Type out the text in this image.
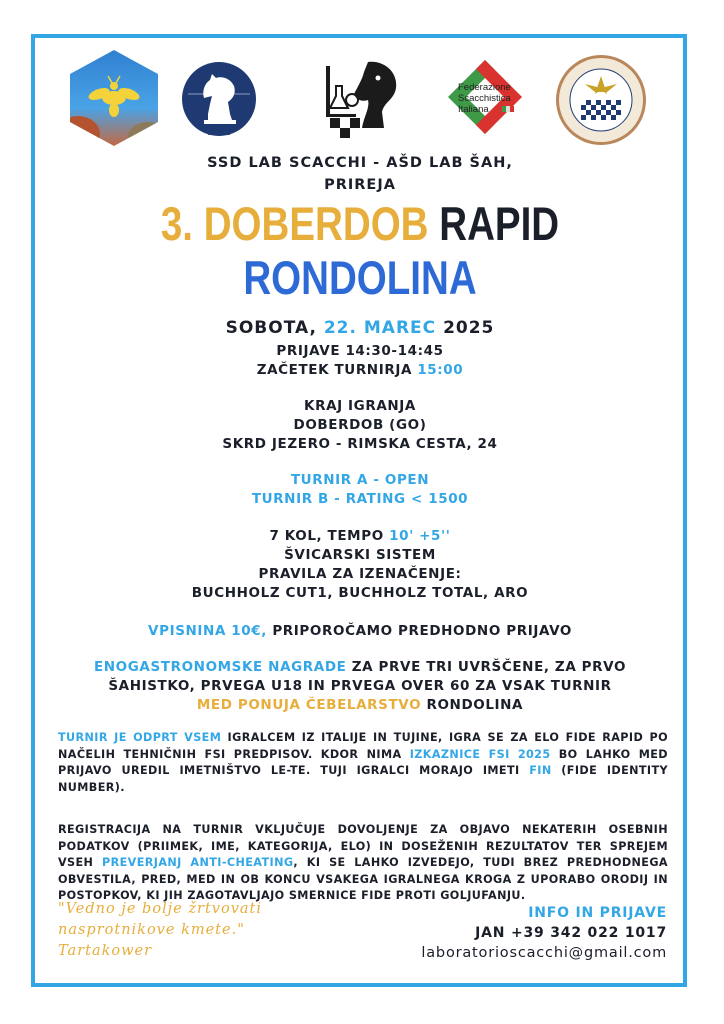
FIDE
Federazione Scacchistica Italiana
SSD LAB SCACCHI - AŠD LAB ŠAH,
PRIREJA
3. DOBERDOB RAPID
RONDOLINA
SOBOTA, 22. MAREC 2025
PRIJAVE 14:30-14:45
ZAČETEK TURNIRJA 15:00
KRAJ IGRANJA
DOBERDOB (GO)
SKRD JEZERO - RIMSKA CESTA, 24
TURNIR A - OPEN
TURNIR B - RATING < 1500
7 KOL, TEMPO 10' +5''
ŠVICARSKI SISTEM
PRAVILA ZA IZENAČENJE:
BUCHHOLZ CUT1, BUCHHOLZ TOTAL, ARO
VPISNINA 10€, PRIPOROČAMO PREDHODNO PRIJAVO
ENOGASTRONOMSKE NAGRADE ZA PRVE TRI UVRŠČENE, ZA PRVO
ŠAHISTKO, PRVEGA U18 IN PRVEGA OVER 60 ZA VSAK TURNIR
MED PONUJA ČEBELARSTVO RONDOLINA
TURNIR JE ODPRT VSEM IGRALCEM IZ ITALIJE IN TUJINE, IGRA SE ZA ELO FIDE RAPID PO NAČELIH TEHNIČNIH FSI PREDPISOV. KDOR NIMA IZKAZNICE FSI 2025 BO LAHKO MED PRIJAVO UREDIL IMETNIŠTVO LE-TE. TUJI IGRALCI MORAJO IMETI FIN (FIDE IDENTITY NUMBER).
REGISTRACIJA NA TURNIR VKLJUČUJE DOVOLJENJE ZA OBJAVO NEKATERIH OSEBNIH PODATKOV (PRIIMEK, IME, KATEGORIJA, ELO) IN DOSEŽENIH REZULTATOV TER SPREJEM VSEH PREVERJANJ ANTI-CHEATING, KI SE LAHKO IZVEDEJO, TUDI BREZ PREDHODNEGA OBVESTILA, PRED, MED IN OB KONCU VSAKEGA IGRALNEGA KROGA Z UPORABO ORODIJ IN POSTOPKOV, KI JIH ZAGOTAVLJAJO SMERNICE FIDE PROTI GOLJUFANJU.
"Vedno je bolje žrtvovati
nasprotnikove kmete."
Tartakower
INFO IN PRIJAVE
JAN +39 342 022 1017
laboratorioscacchi@gmail.com
